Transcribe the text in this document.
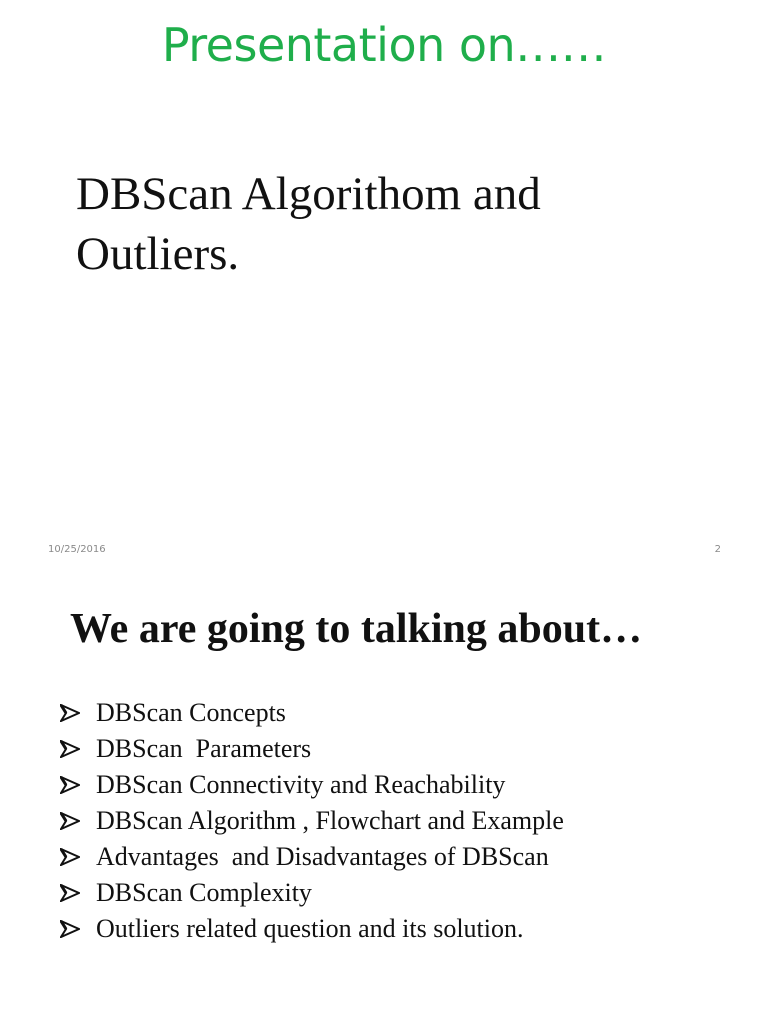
Presentation on……
DBScan Algorithom and
Outliers.
10/25/2016	2
We are going to talking about…

DBScan Concepts

DBScan  Parameters

DBScan Connectivity and Reachability

DBScan Algorithm , Flowchart and Example

Advantages  and Disadvantages of DBScan

DBScan Complexity

Outliers related question and its solution.
